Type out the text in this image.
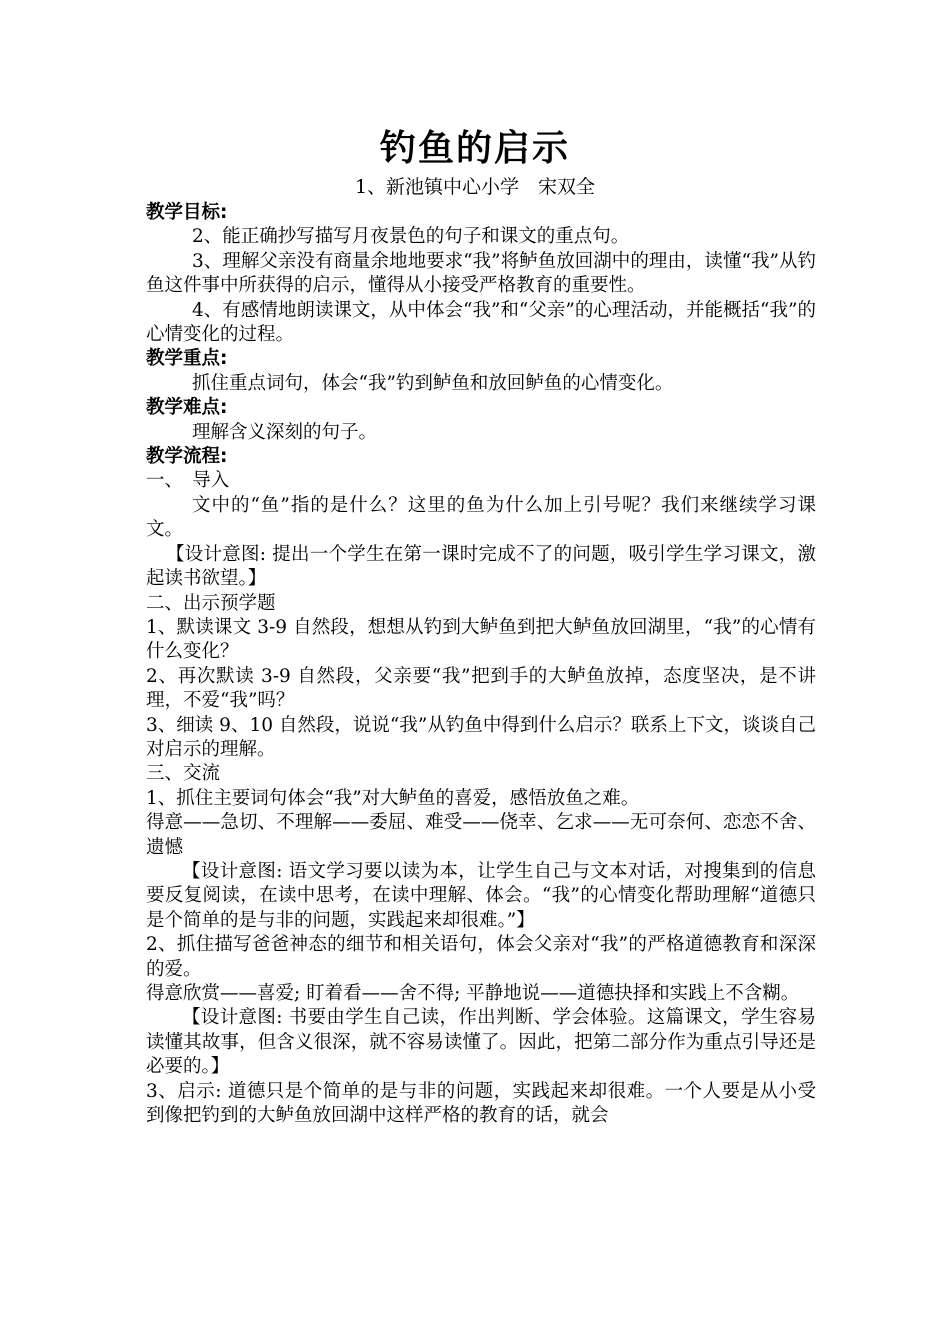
钓鱼的启示
1、新池镇中心小学　宋双全

教学目标:

2、能正确抄写描写月夜景色的句子和课文的重点句。

3、理解父亲没有商量余地地要求“我”将鲈鱼放回湖中的理由，读懂“我”从钓鱼这件事中所获得的启示，懂得从小接受严格教育的重要性。

4、有感情地朗读课文，从中体会“我”和“父亲”的心理活动，并能概括“我”的心情变化的过程。

教学重点:

抓住重点词句，体会“我”钓到鲈鱼和放回鲈鱼的心情变化。

教学难点:

理解含义深刻的句子。

教学流程:

一、　导入

文中的“鱼”指的是什么？这里的鱼为什么加上引号呢？我们来继续学习课文。

【设计意图: 提出一个学生在第一课时完成不了的问题，吸引学生学习课文，激起读书欲望。】

二、出示预学题

1、默读课文 3-9 自然段，想想从钓到大鲈鱼到把大鲈鱼放回湖里，“我”的心情有什么变化？

2、再次默读 3-9 自然段，父亲要“我”把到手的大鲈鱼放掉，态度坚决，是不讲理，不爱“我”吗？

3、细读 9、10 自然段，说说“我”从钓鱼中得到什么启示？联系上下文，谈谈自己对启示的理解。

三、交流

1、抓住主要词句体会“我”对大鲈鱼的喜爱，感悟放鱼之难。

得意——急切、不理解——委屈、难受——侥幸、乞求——无可奈何、恋恋不舍、遗憾

【设计意图: 语文学习要以读为本，让学生自己与文本对话，对搜集到的信息要反复阅读，在读中思考，在读中理解、体会。“我”的心情变化帮助理解“道德只是个简单的是与非的问题，实践起来却很难。”】

2、抓住描写爸爸神态的细节和相关语句，体会父亲对“我”的严格道德教育和深深的爱。

得意欣赏——喜爱; 盯着看——舍不得; 平静地说——道德抉择和实践上不含糊。

【设计意图: 书要由学生自己读，作出判断、学会体验。这篇课文，学生容易读懂其故事，但含义很深，就不容易读懂了。因此，把第二部分作为重点引导还是必要的。】

3、启示: 道德只是个简单的是与非的问题，实践起来却很难。一个人要是从小受到像把钓到的大鲈鱼放回湖中这样严格的教育的话，就会
